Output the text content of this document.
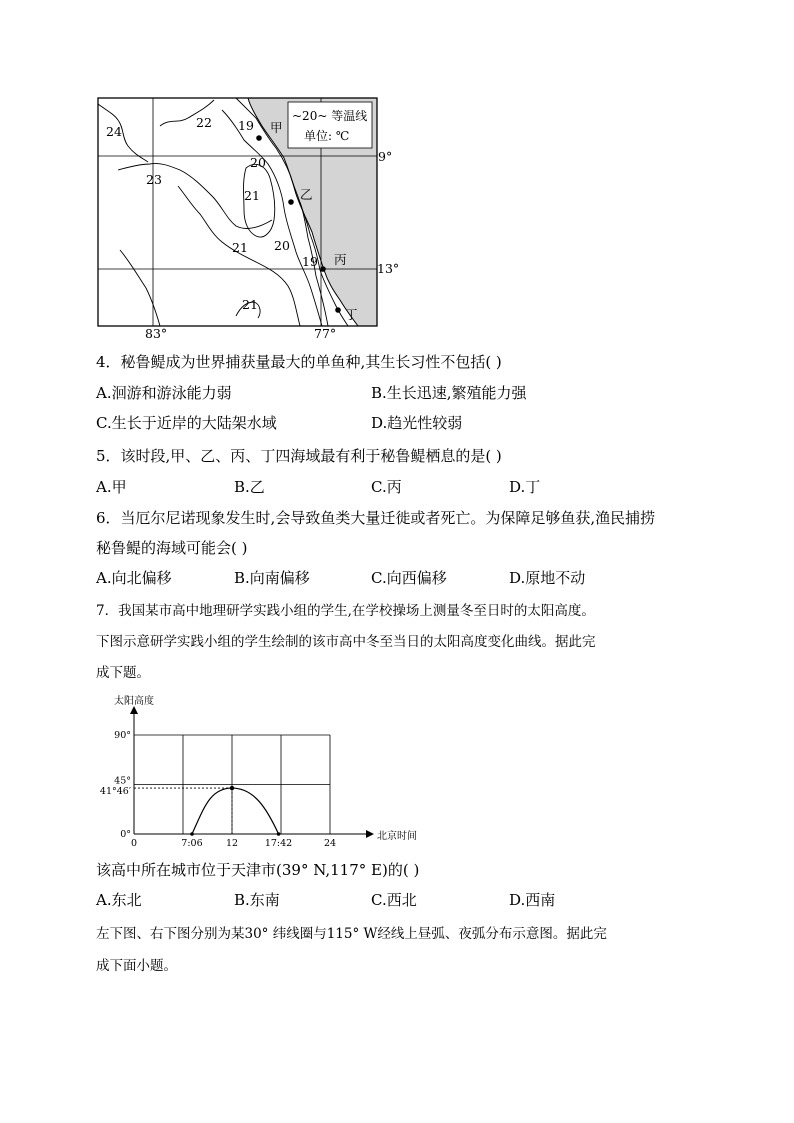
24
22 19
20
23
21
21 20
19
21
甲
乙
丙
丁
~20~ 等温线
单位: ℃
9°
13°
83°	77°
4．秘鲁鳀成为世界捕获量最大的单鱼种,其生长习性不包括( )
A.洄游和游泳能力弱	B.生长迅速,繁殖能力强
C.生长于近岸的大陆架水域	D.趋光性较弱
5．该时段,甲、乙、丙、丁四海域最有利于秘鲁鳀栖息的是( )
A.甲	B.乙	C.丙	D.丁
6．当厄尔尼诺现象发生时,会导致鱼类大量迁徙或者死亡。为保障足够鱼获,渔民捕捞
秘鲁鳀的海域可能会( )
A.向北偏移	B.向南偏移	C.向西偏移	D.原地不动
7．我国某市高中地理研学实践小组的学生,在学校操场上测量冬至日时的太阳高度。
下图示意研学实践小组的学生绘制的该市高中冬至当日的太阳高度变化曲线。据此完
成下题。
0	7:06 12	17:42	24
0°
41°46′
45°
90°
太阳高度
北京时间
该高中所在城市位于天津市(39° N,117° E)的( )
A.东北	B.东南	C.西北	D.西南
左下图、右下图分别为某30° 纬线圈与115° W经线上昼弧、夜弧分布示意图。据此完
成下面小题。
